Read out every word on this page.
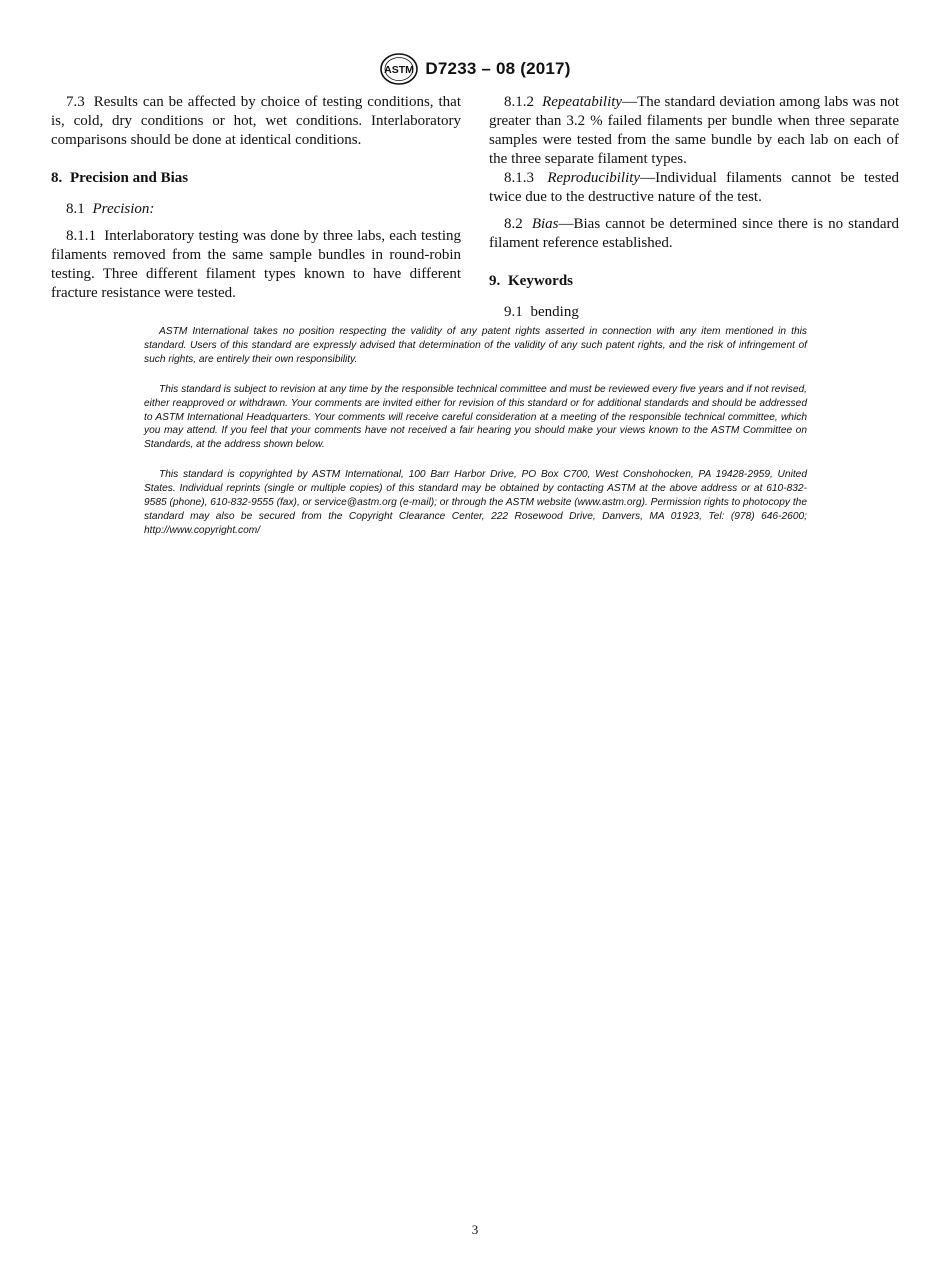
ASTM D7233 – 08 (2017)

7.3 Results can be affected by choice of testing conditions, that is, cold, dry conditions or hot, wet conditions. Interlaboratory comparisons should be done at identical conditions.

8. Precision and Bias

8.1 Precision:

8.1.1 Interlaboratory testing was done by three labs, each testing filaments removed from the same sample bundles in round-robin testing. Three different filament types known to have different fracture resistance were tested.

8.1.2 Repeatability—The standard deviation among labs was not greater than 3.2 % failed filaments per bundle when three separate samples were tested from the same bundle by each lab on each of the three separate filament types.

8.1.3 Reproducibility—Individual filaments cannot be tested twice due to the destructive nature of the test.

8.2 Bias—Bias cannot be determined since there is no standard filament reference established.

9. Keywords

9.1 bending

ASTM International takes no position respecting the validity of any patent rights asserted in connection with any item mentioned in this standard. Users of this standard are expressly advised that determination of the validity of any such patent rights, and the risk of infringement of such rights, are entirely their own responsibility.

This standard is subject to revision at any time by the responsible technical committee and must be reviewed every five years and if not revised, either reapproved or withdrawn. Your comments are invited either for revision of this standard or for additional standards and should be addressed to ASTM International Headquarters. Your comments will receive careful consideration at a meeting of the responsible technical committee, which you may attend. If you feel that your comments have not received a fair hearing you should make your views known to the ASTM Committee on Standards, at the address shown below.

This standard is copyrighted by ASTM International, 100 Barr Harbor Drive, PO Box C700, West Conshohocken, PA 19428-2959, United States. Individual reprints (single or multiple copies) of this standard may be obtained by contacting ASTM at the above address or at 610-832-9585 (phone), 610-832-9555 (fax), or service@astm.org (e-mail); or through the ASTM website (www.astm.org). Permission rights to photocopy the standard may also be secured from the Copyright Clearance Center, 222 Rosewood Drive, Danvers, MA 01923, Tel: (978) 646-2600; http://www.copyright.com/

3
